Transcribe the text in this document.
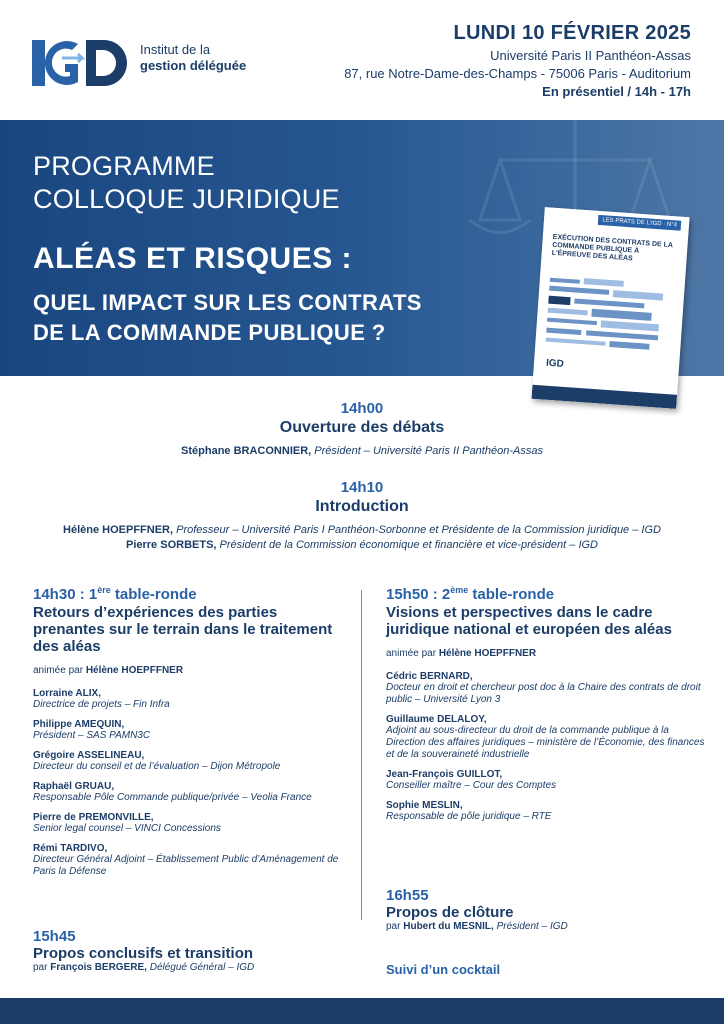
Institut de la
gestion déléguée
LUNDI 10 FÉVRIER 2025
Université Paris II Panthéon-Assas
87, rue Notre-Dame-des-Champs - 75006 Paris - Auditorium
En présentiel / 14h - 17h
PROGRAMME
COLLOQUE JURIDIQUE
ALÉAS ET RISQUES :
QUEL IMPACT SUR LES CONTRATS
DE LA COMMANDE PUBLIQUE ?
LES PRATS DE L'IGD · N°4
EXÉCUTION DES CONTRATS DE LA COMMANDE PUBLIQUE À L'ÉPREUVE DES ALÉAS
IGD
14h00
Ouverture des débats
Stéphane BRACONNIER, Président – Université Paris II Panthéon-Assas
14h10
Introduction
Hélène HOEPFFNER, Professeur – Université Paris I Panthéon-Sorbonne et Présidente de la Commission juridique – IGD
Pierre SORBETS, Président de la Commission économique et financière et vice-président – IGD
14h30 : 1ère table-ronde
Retours d’expériences des parties prenantes sur le terrain dans le traitement des aléas
animée par Hélène HOEPFFNER
Lorraine ALIX,
Directrice de projets – Fin Infra
Philippe AMEQUIN,
Président – SAS PAMN3C
Grégoire ASSELINEAU,
Directeur du conseil et de l’évaluation – Dijon Métropole
Raphaël GRUAU,
Responsable Pôle Commande publique/privée – Veolia France
Pierre de PREMONVILLE,
Senior legal counsel – VINCI Concessions
Rémi TARDIVO,
Directeur Général Adjoint – Établissement Public d’Aménagement de Paris la Défense
15h50 : 2ème table-ronde
Visions et perspectives dans le cadre juridique national et européen des aléas
animée par Hélène HOEPFFNER
Cédric BERNARD,
Docteur en droit et chercheur post doc à la Chaire des contrats de droit public – Université Lyon 3
Guillaume DELALOY,
Adjoint au sous-directeur du droit de la commande publique à la Direction des affaires juridiques – ministère de l’Économie, des finances et de la souveraineté industrielle
Jean-François GUILLOT,
Conseiller maître – Cour des Comptes
Sophie MESLIN,
Responsable de pôle juridique – RTE
15h45
Propos conclusifs et transition
par François BERGERE, Délégué Général – IGD
16h55
Propos de clôture
par Hubert du MESNIL, Président – IGD
Suivi d’un cocktail
